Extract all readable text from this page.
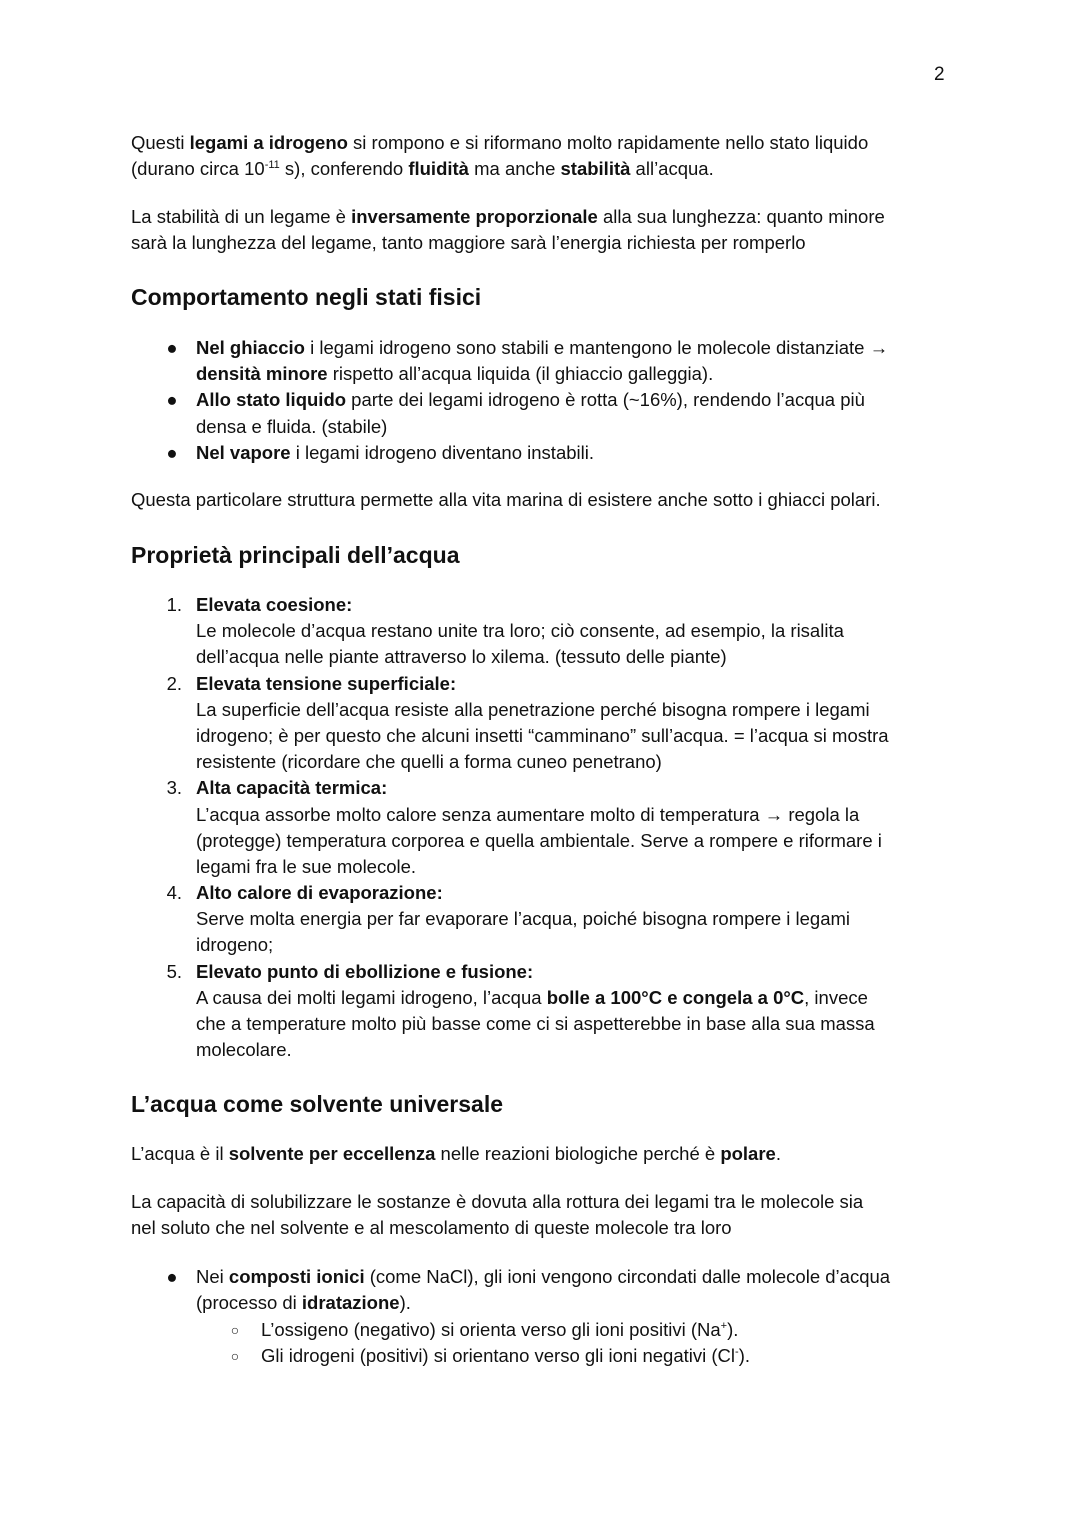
2
Questi legami a idrogeno si rompono e si riformano molto rapidamente nello stato liquido
(durano circa $10^{-11}$ s), conferendo fluidità ma anche stabilità all’acqua.
La stabilità di un legame è inversamente proporzionale alla sua lunghezza: quanto minore
sarà la lunghezza del legame, tanto maggiore sarà l’energia richiesta per romperlo
Comportamento negli stati fisici
● Nel ghiaccio i legami idrogeno sono stabili e mantengono le molecole distanziate →
densità minore rispetto all’acqua liquida (il ghiaccio galleggia).
● Allo stato liquido parte dei legami idrogeno è rotta (~16%), rendendo l’acqua più
densa e fluida. (stabile)
● Nel vapore i legami idrogeno diventano instabili.
Questa particolare struttura permette alla vita marina di esistere anche sotto i ghiacci polari.
Proprietà principali dell’acqua
1. Elevata coesione:
Le molecole d’acqua restano unite tra loro; ciò consente, ad esempio, la risalita
dell’acqua nelle piante attraverso lo xilema. (tessuto delle piante)
2. Elevata tensione superficiale:
La superficie dell’acqua resiste alla penetrazione perché bisogna rompere i legami
idrogeno; è per questo che alcuni insetti “camminano” sull’acqua. = l’acqua si mostra
resistente (ricordare che quelli a forma cuneo penetrano)
3. Alta capacità termica:
L’acqua assorbe molto calore senza aumentare molto di temperatura → regola la
(protegge) temperatura corporea e quella ambientale. Serve a rompere e riformare i
legami fra le sue molecole.
4. Alto calore di evaporazione:
Serve molta energia per far evaporare l’acqua, poiché bisogna rompere i legami
idrogeno;
5. Elevato punto di ebollizione e fusione:
A causa dei molti legami idrogeno, l’acqua bolle a 100°C e congela a 0°C, invece
che a temperature molto più basse come ci si aspetterebbe in base alla sua massa
molecolare.
L’acqua come solvente universale
L’acqua è il solvente per eccellenza nelle reazioni biologiche perché è polare.
La capacità di solubilizzare le sostanze è dovuta alla rottura dei legami tra le molecole sia
nel soluto che nel solvente e al mescolamento di queste molecole tra loro
● Nei composti ionici (come NaCl), gli ioni vengono circondati dalle molecole d’acqua
(processo di idratazione).
○	L’ossigeno (negativo) si orienta verso gli ioni positivi (Na+).
○	Gli idrogeni (positivi) si orientano verso gli ioni negativi (Cl-).
